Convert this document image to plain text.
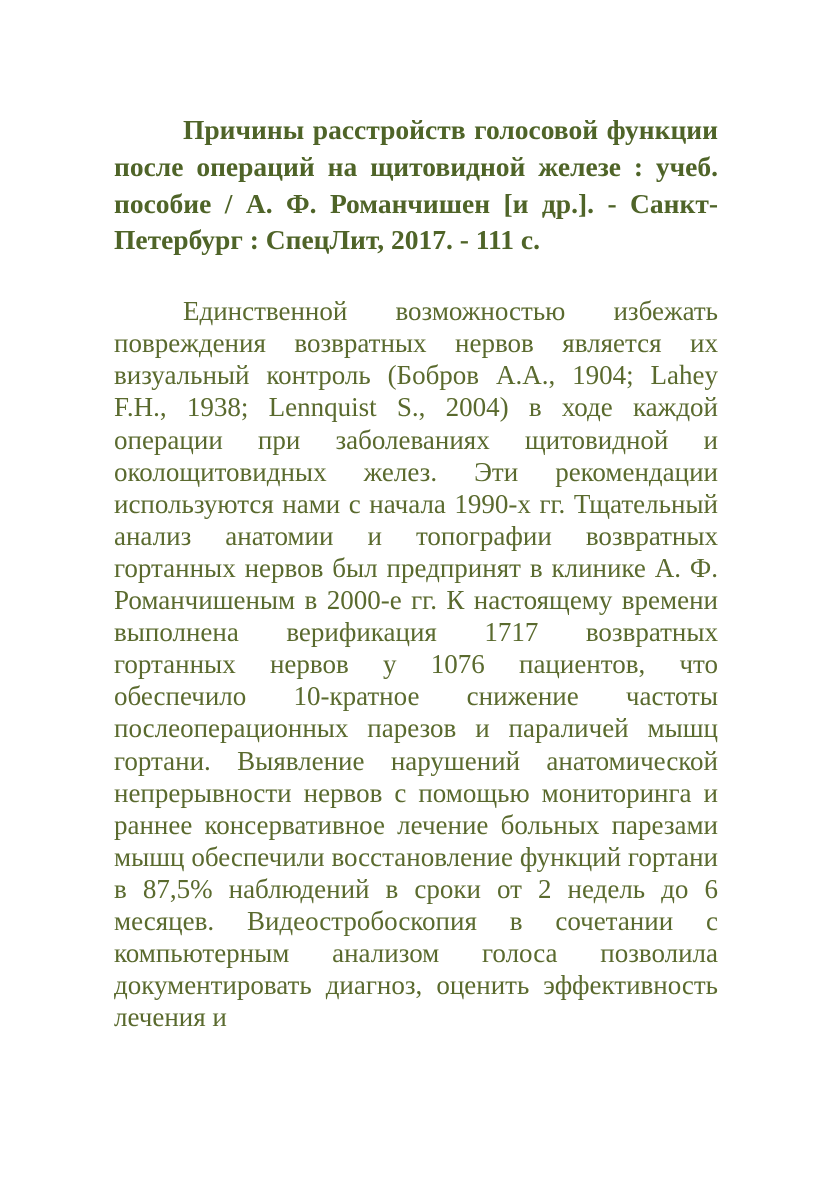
Причины расстройств голосовой функции после операций на щитовидной железе : учеб. пособие / А. Ф. Романчишен [и др.]. - Санкт-Петербург : СпецЛит, 2017. - 111 с.

Единственной возможностью избежать повреждения возвратных нервов является их визуальный контроль (Бобров А.А., 1904; Lahey F.H., 1938; Lennquist S., 2004) в ходе каждой операции при заболеваниях щитовидной и околощитовидных желез. Эти рекомендации используются нами с начала 1990-х гг. Тщательный анализ анатомии и топографии возвратных гортанных нервов был предпринят в клинике А. Ф. Романчишеным в 2000-е гг. К настоящему времени выполнена верификация 1717 возвратных гортанных нервов у 1076 пациентов, что обеспечило 10-кратное снижение частоты послеоперационных парезов и параличей мышц гортани. Выявление нарушений анатомической непрерывности нервов с помощью мониторинга и раннее консервативное лечение больных парезами мышц обеспечили восстановление функций гортани в 87,5% наблюдений в сроки от 2 недель до 6 месяцев. Видеостробоскопия в сочетании с компьютерным анализом голоса позволила документировать диагноз, оценить эффективность лечения и
